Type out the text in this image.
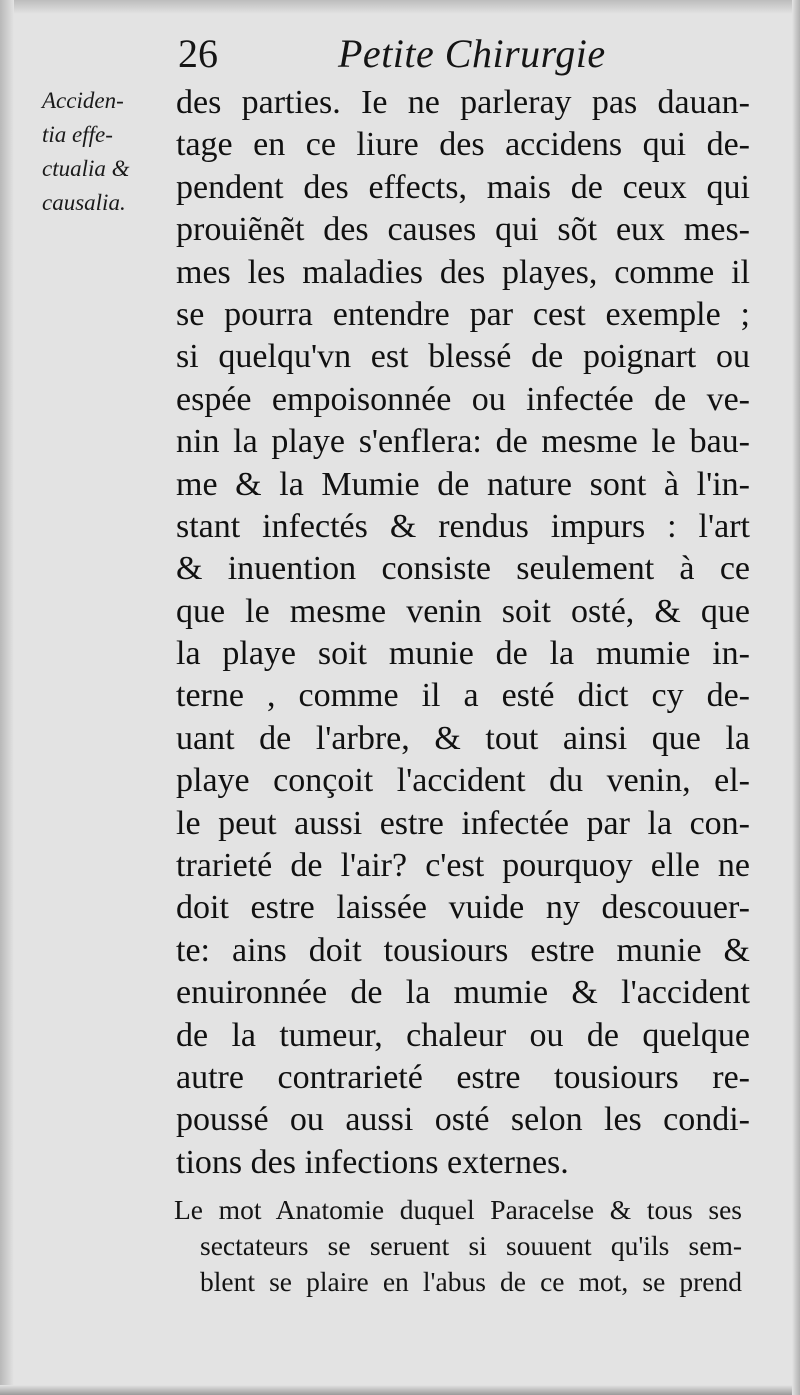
26	Petite Chirurgie
Acciden-
tia effe-
ctualia &
causalia.
des parties. Ie ne parleray pas dauan-
tage en ce liure des accidens qui de-
pendent des effects, mais de ceux qui
prouiẽnẽt des causes qui sõt eux mes-
mes les maladies des playes, comme il
se pourra entendre par cest exemple ;
si quelqu'vn est blessé de poignart ou
espée empoisonnée ou infectée de ve-
nin la playe s'enflera: de mesme le bau-
me & la Mumie de nature sont à l'in-
stant infectés & rendus impurs : l'art
& inuention consiste seulement à ce
que le mesme venin soit osté, & que
la playe soit munie de la mumie in-
terne , comme il a esté dict cy de-
uant de l'arbre, & tout ainsi que la
playe conçoit l'accident du venin, el-
le peut aussi estre infectée par la con-
trarieté de l'air? c'est pourquoy elle ne
doit estre laissée vuide ny descouuer-
te: ains doit tousiours estre munie &
enuironnée de la mumie & l'accident
de la tumeur, chaleur ou de quelque
autre contrarieté estre tousiours re-
poussé ou aussi osté selon les condi-
tions des infections externes.
Le mot Anatomie duquel Paracelse & tous ses
sectateurs se seruent si souuent qu'ils sem-
blent se plaire en l'abus de ce mot, se prend
